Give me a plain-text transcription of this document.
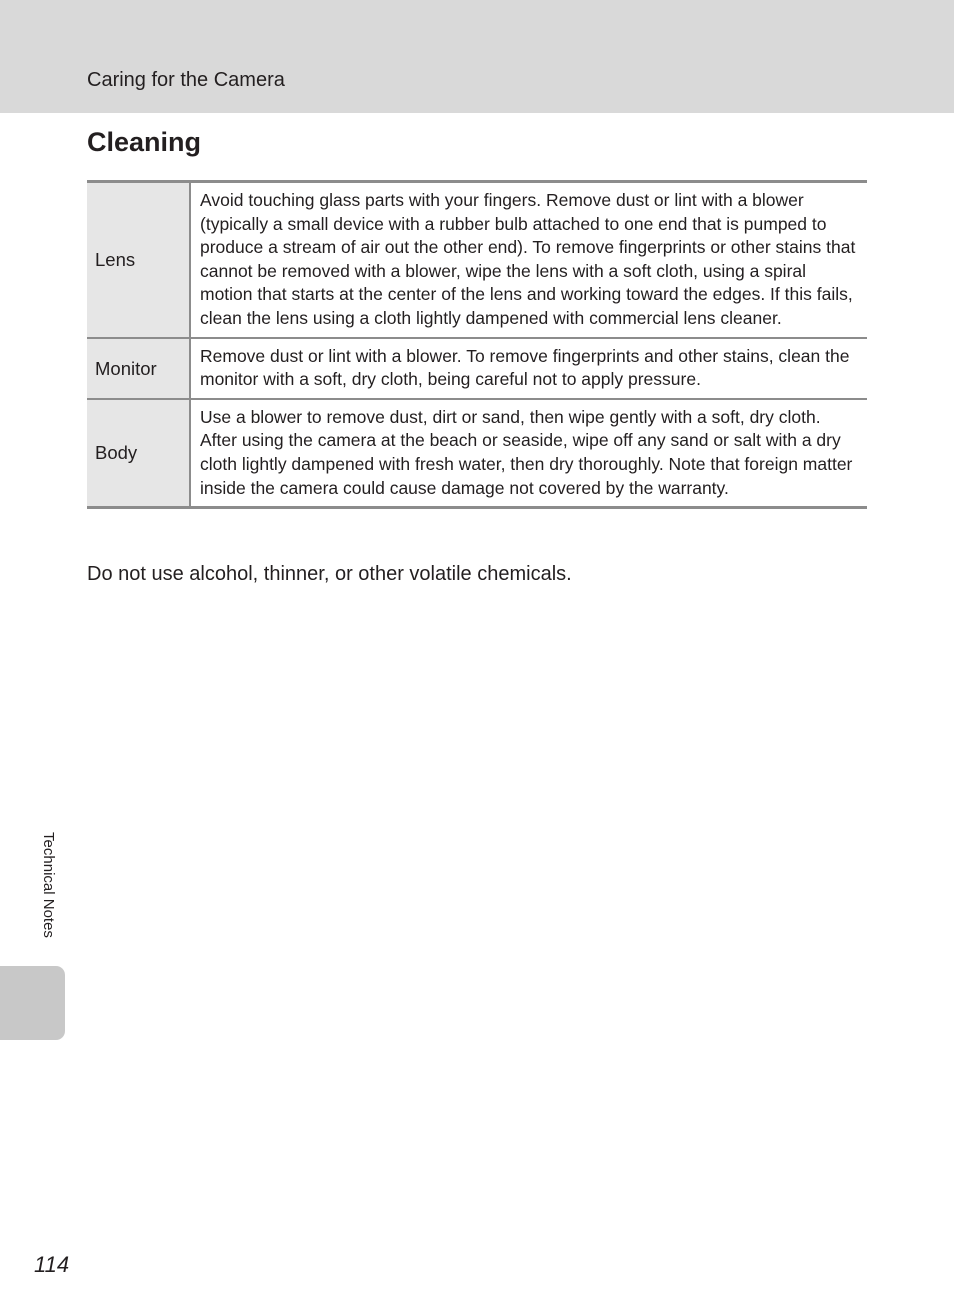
Caring for the Camera
Cleaning
Lens	Avoid touching glass parts with your fingers. Remove dust or lint with a blower (typically a small device with a rubber bulb attached to one end that is pumped to produce a stream of air out the other end). To remove fingerprints or other stains that cannot be removed with a blower, wipe the lens with a soft cloth, using a spiral motion that starts at the center of the lens and working toward the edges. If this fails, clean the lens using a cloth lightly dampened with commercial lens cleaner.
Monitor	Remove dust or lint with a blower. To remove fingerprints and other stains, clean the monitor with a soft, dry cloth, being careful not to apply pressure.
Body	Use a blower to remove dust, dirt or sand, then wipe gently with a soft, dry cloth. After using the camera at the beach or seaside, wipe off any sand or salt with a dry cloth lightly dampened with fresh water, then dry thoroughly. Note that foreign matter inside the camera could cause damage not covered by the warranty.

Do not use alcohol, thinner, or other volatile chemicals.

Technical Notes
114
